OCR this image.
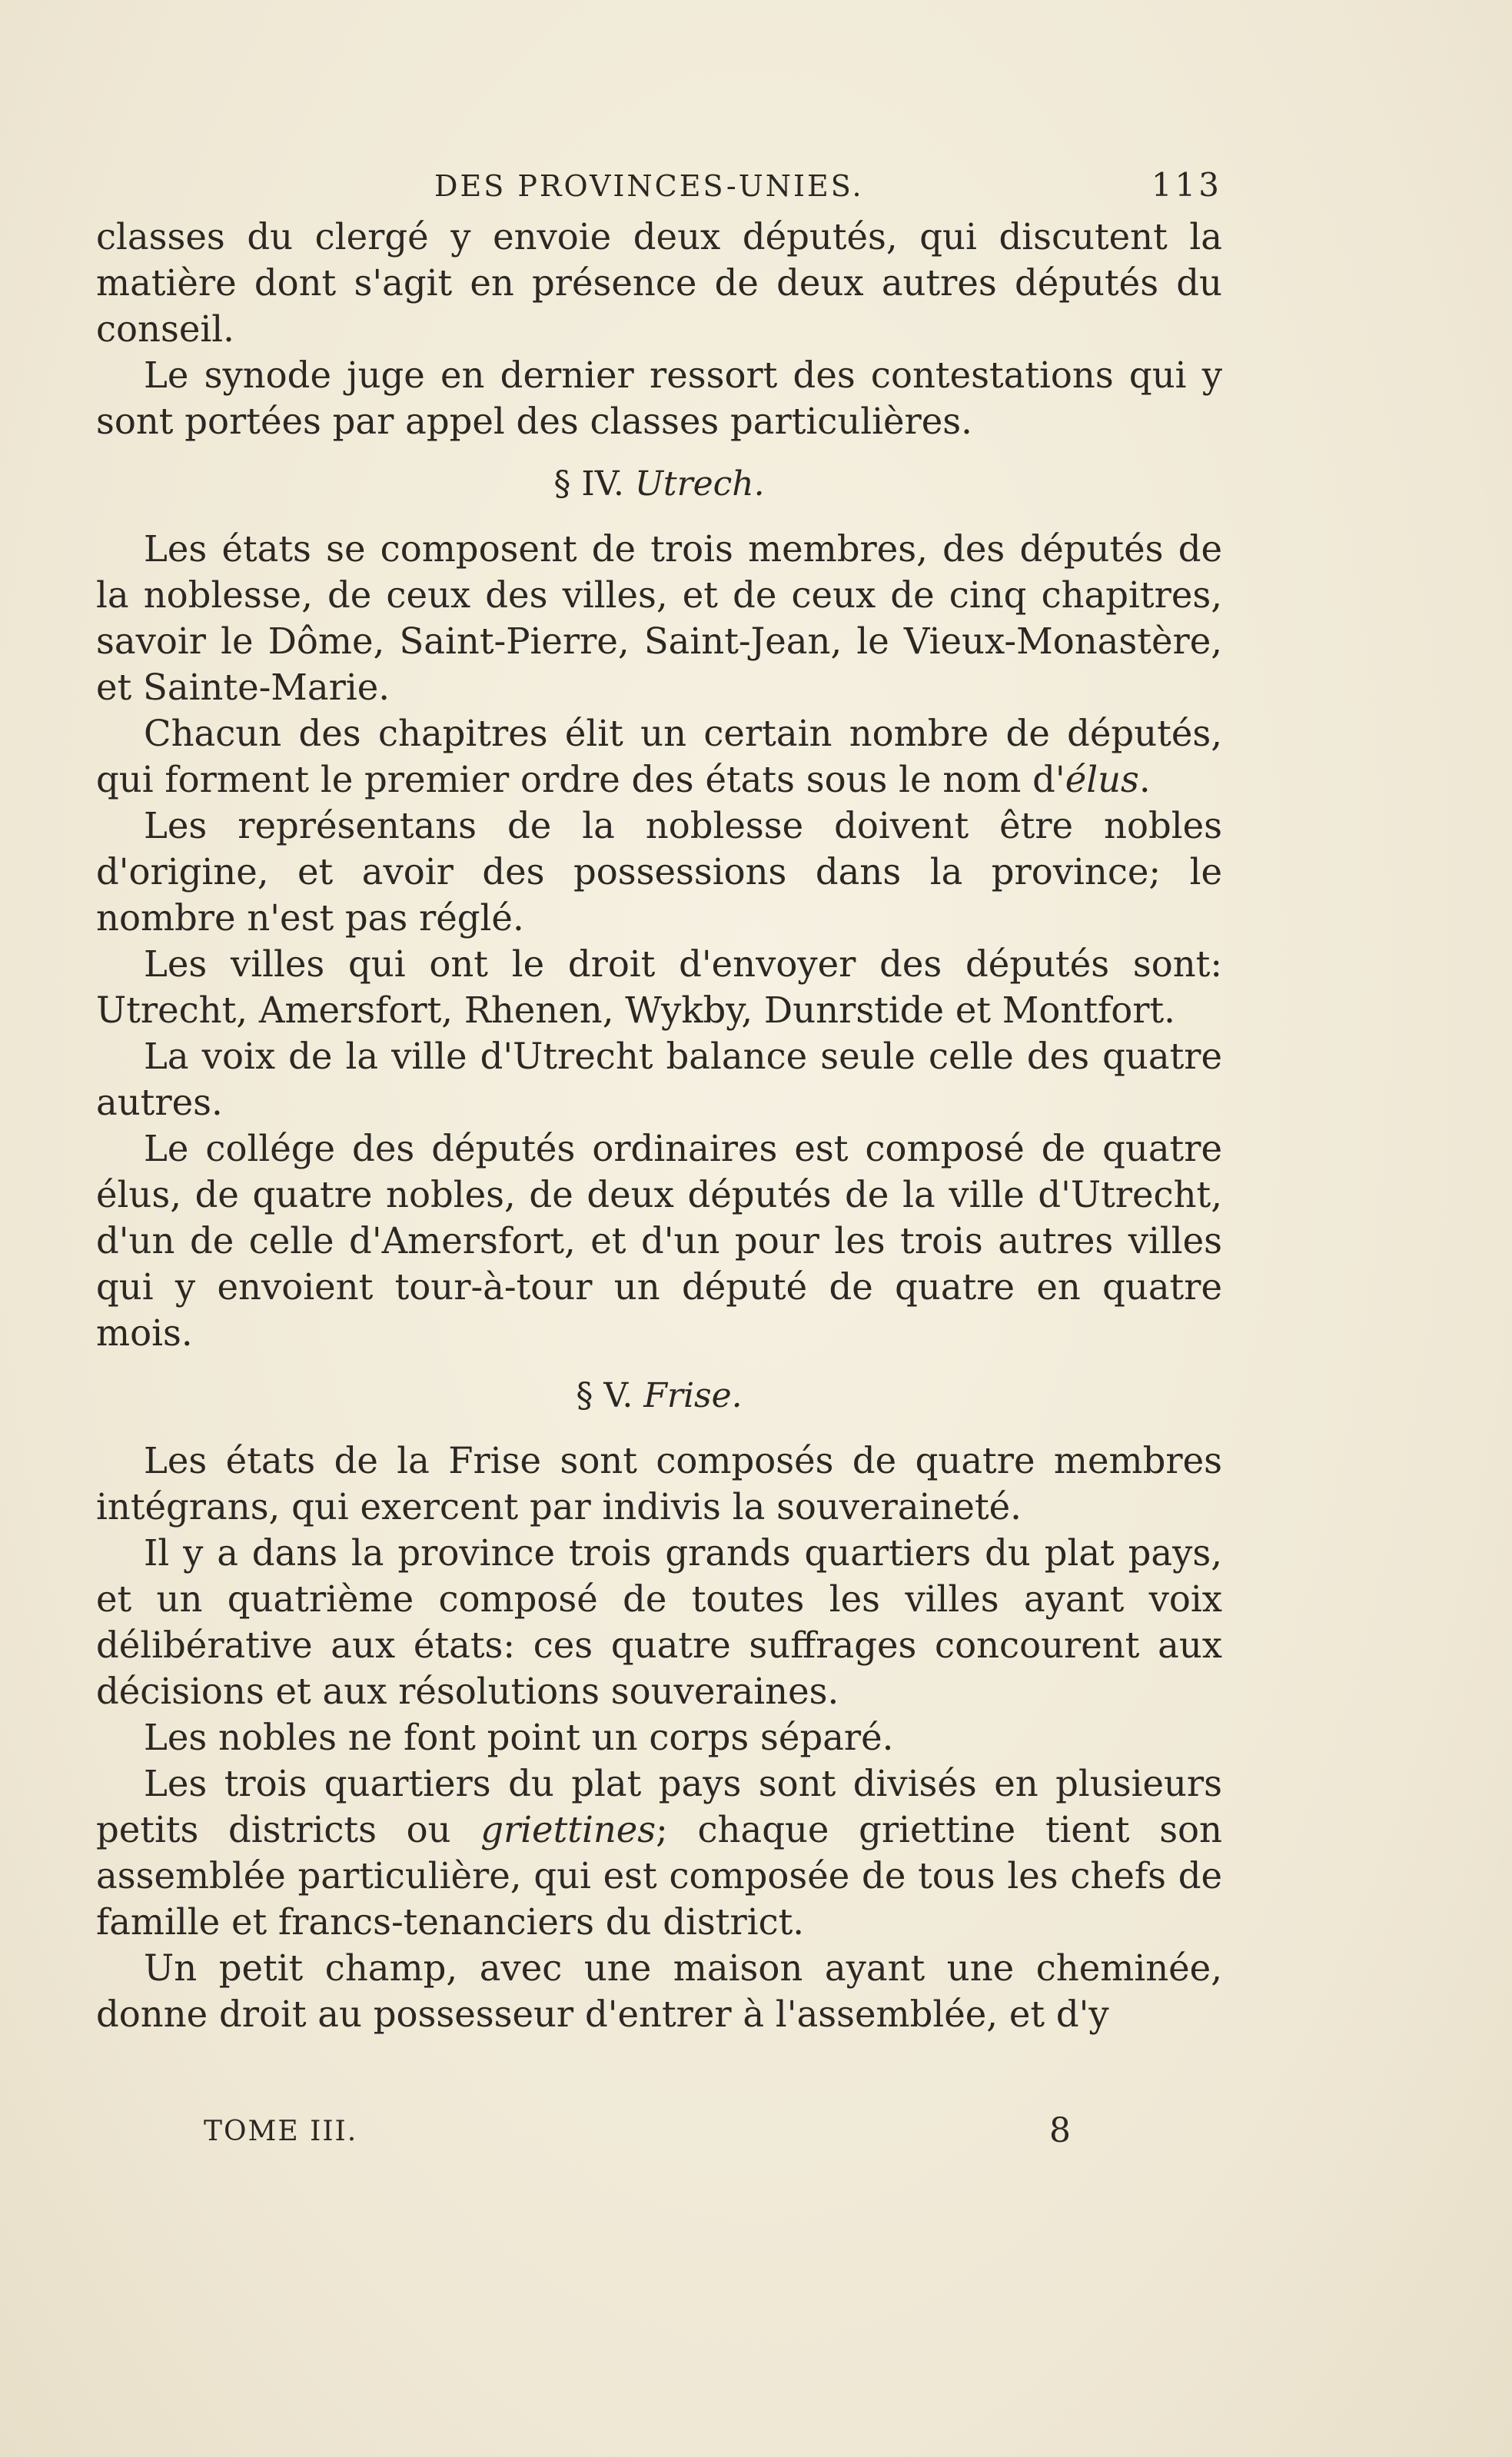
DES PROVINCES-UNIES.	113

classes du clergé y envoie deux députés, qui discutent la matière dont s'agit en présence de deux autres députés du conseil.

Le synode juge en dernier ressort des contestations qui y sont portées par appel des classes particulières.

§ IV. Utrech.

Les états se composent de trois membres, des députés de la noblesse, de ceux des villes, et de ceux de cinq chapitres, savoir le Dôme, Saint-Pierre, Saint-Jean, le Vieux-Monastère, et Sainte-Marie.

Chacun des chapitres élit un certain nombre de députés, qui forment le premier ordre des états sous le nom d'élus.

Les représentans de la noblesse doivent être nobles d'origine, et avoir des possessions dans la province; le nombre n'est pas réglé.

Les villes qui ont le droit d'envoyer des députés sont: Utrecht, Amersfort, Rhenen, Wykby, Dunrstide et Montfort.

La voix de la ville d'Utrecht balance seule celle des quatre autres.

Le collége des députés ordinaires est composé de quatre élus, de quatre nobles, de deux députés de la ville d'Utrecht, d'un de celle d'Amersfort, et d'un pour les trois autres villes qui y envoient tour-à-tour un député de quatre en quatre mois.

§ V. Frise.

Les états de la Frise sont composés de quatre membres intégrans, qui exercent par indivis la souveraineté.

Il y a dans la province trois grands quartiers du plat pays, et un quatrième composé de toutes les villes ayant voix délibérative aux états: ces quatre suffrages concourent aux décisions et aux résolutions souveraines.

Les nobles ne font point un corps séparé.

Les trois quartiers du plat pays sont divisés en plusieurs petits districts ou griettines; chaque griettine tient son assemblée particulière, qui est composée de tous les chefs de famille et francs-tenanciers du district.

Un petit champ, avec une maison ayant une cheminée, donne droit au possesseur d'entrer à l'assemblée, et d'y

TOME III.	8
